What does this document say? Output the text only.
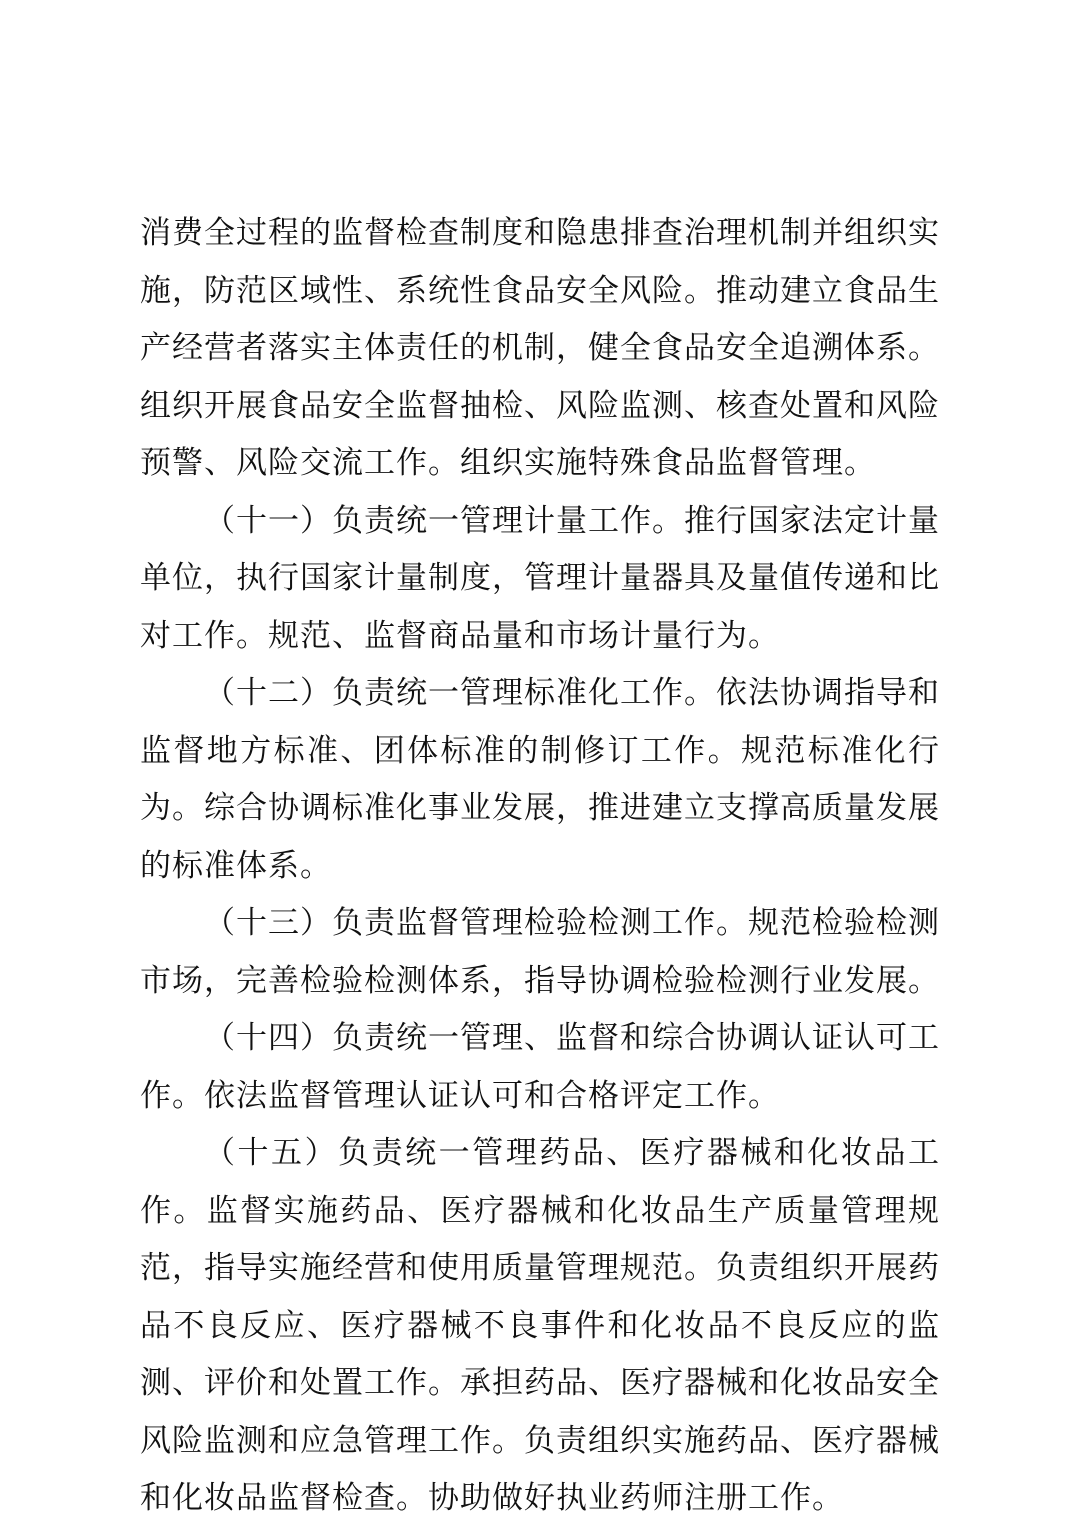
消费全过程的监督检查制度和隐患排查治理机制并组织实施，防范区域性、系统性食品安全风险。推动建立食品生产经营者落实主体责任的机制，健全食品安全追溯体系。组织开展食品安全监督抽检、风险监测、核查处置和风险预警、风险交流工作。组织实施特殊食品监督管理。

（十一）负责统一管理计量工作。推行国家法定计量单位，执行国家计量制度，管理计量器具及量值传递和比对工作。规范、监督商品量和市场计量行为。

（十二）负责统一管理标准化工作。依法协调指导和监督地方标准、团体标准的制修订工作。规范标准化行为。综合协调标准化事业发展，推进建立支撑高质量发展的标准体系。

（十三）负责监督管理检验检测工作。规范检验检测市场，完善检验检测体系，指导协调检验检测行业发展。

（十四）负责统一管理、监督和综合协调认证认可工作。依法监督管理认证认可和合格评定工作。

（十五）负责统一管理药品、医疗器械和化妆品工作。监督实施药品、医疗器械和化妆品生产质量管理规范，指导实施经营和使用质量管理规范。负责组织开展药品不良反应、医疗器械不良事件和化妆品不良反应的监测、评价和处置工作。承担药品、医疗器械和化妆品安全风险监测和应急管理工作。负责组织实施药品、医疗器械和化妆品监督检查。协助做好执业药师注册工作。
